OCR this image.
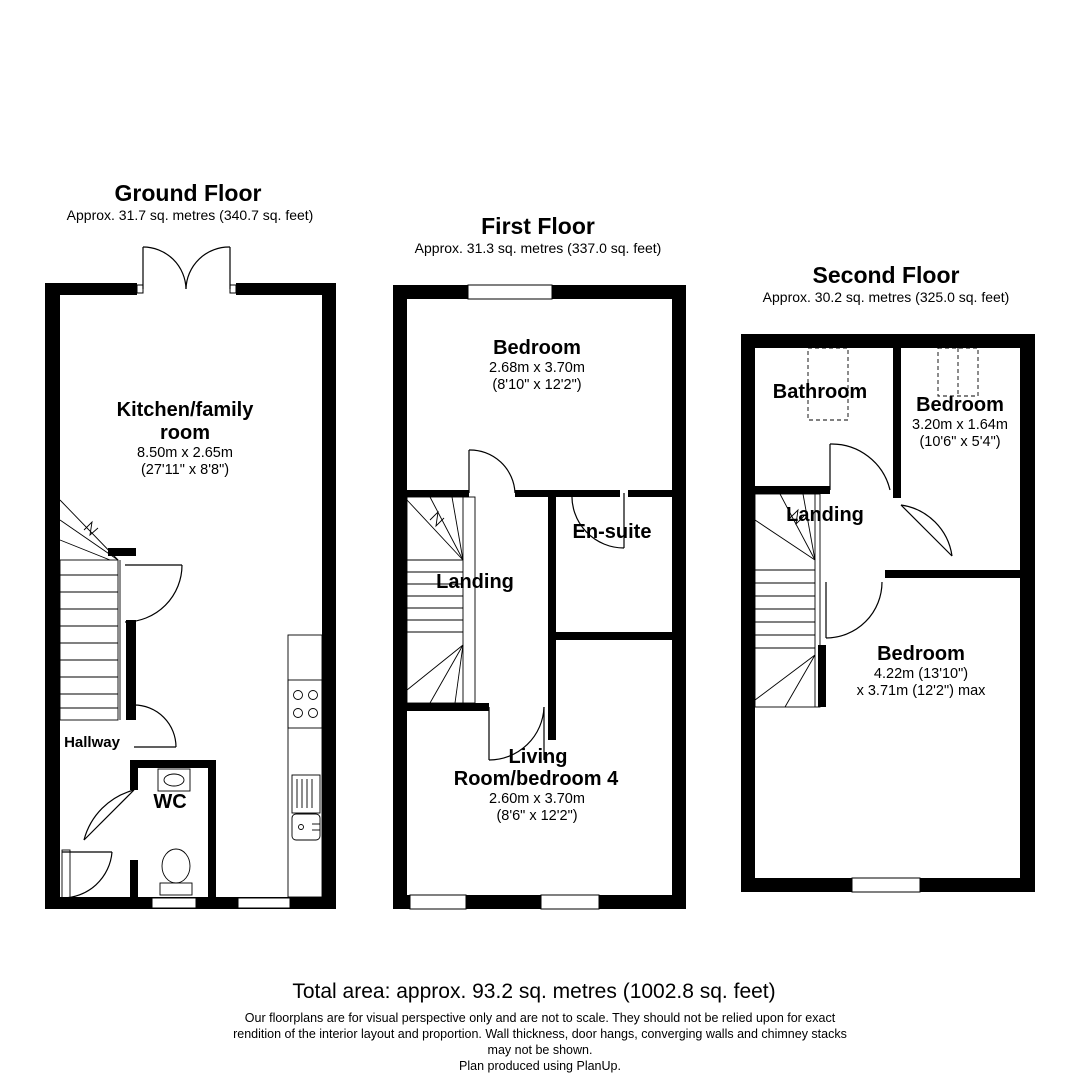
Ground Floor
Approx. 31.7 sq. metres (340.7 sq. feet)
Kitchen/family
room
8.50m x 2.65m
(27'11" x 8'8")
Hallway
WC
First Floor
Approx. 31.3 sq. metres (337.0 sq. feet)
Bedroom
2.68m x 3.70m
(8'10" x 12'2")
En-suite
Landing
Living
Room/bedroom 4
2.60m x 3.70m
(8'6" x 12'2")
Second Floor
Approx. 30.2 sq. metres (325.0 sq. feet)
Bathroom
Bedroom
3.20m x 1.64m
(10'6" x 5'4")
Landing
Bedroom
4.22m (13'10")
x 3.71m (12'2") max
Total area: approx. 93.2 sq. metres (1002.8 sq. feet)
Our floorplans are for visual perspective only and are not to scale. They should not be relied upon for exact
rendition of the interior layout and proportion. Wall thickness, door hangs, converging walls and chimney stacks
may not be shown.
Plan produced using PlanUp.
